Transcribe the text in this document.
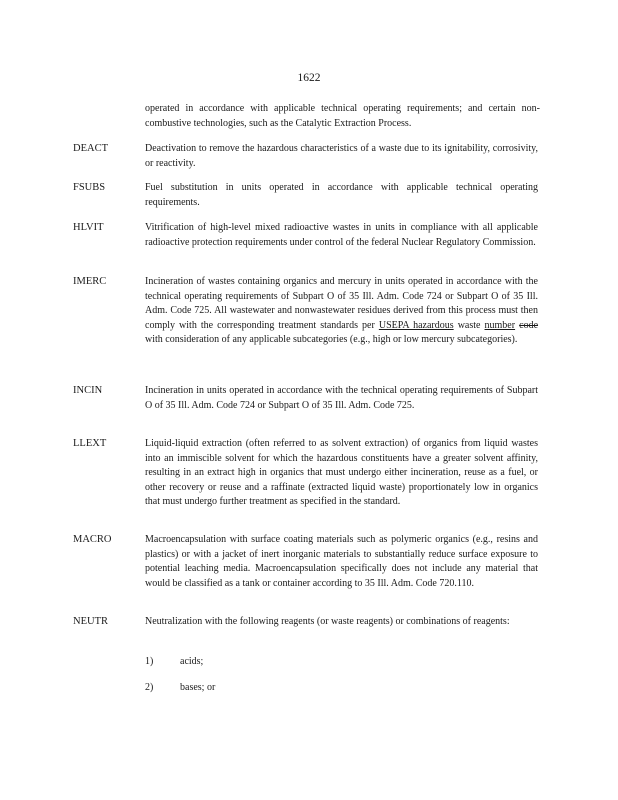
1622
operated in accordance with applicable technical operating requirements; and certain non-combustive technologies, such as the Catalytic Extraction Process.
DEACT	Deactivation to remove the hazardous characteristics of a waste due to its ignitability, corrosivity, or reactivity.
FSUBS	Fuel substitution in units operated in accordance with applicable technical operating requirements.
HLVIT	Vitrification of high-level mixed radioactive wastes in units in compliance with all applicable radioactive protection requirements under control of the federal Nuclear Regulatory Commission.
IMERC	Incineration of wastes containing organics and mercury in units operated in accordance with the technical operating requirements of Subpart O of 35 Ill. Adm. Code 724 or Subpart O of 35 Ill. Adm. Code 725. All wastewater and nonwastewater residues derived from this process must then comply with the corresponding treatment standards per USEPA hazardous waste number code with consideration of any applicable subcategories (e.g., high or low mercury subcategories).
INCIN	Incineration in units operated in accordance with the technical operating requirements of Subpart O of 35 Ill. Adm. Code 724 or Subpart O of 35 Ill. Adm. Code 725.
LLEXT	Liquid-liquid extraction (often referred to as solvent extraction) of organics from liquid wastes into an immiscible solvent for which the hazardous constituents have a greater solvent affinity, resulting in an extract high in organics that must undergo either incineration, reuse as a fuel, or other recovery or reuse and a raffinate (extracted liquid waste) proportionately low in organics that must undergo further treatment as specified in the standard.
MACRO	Macroencapsulation with surface coating materials such as polymeric organics (e.g., resins and plastics) or with a jacket of inert inorganic materials to substantially reduce surface exposure to potential leaching media. Macroencapsulation specifically does not include any material that would be classified as a tank or container according to 35 Ill. Adm. Code 720.110.
NEUTR	Neutralization with the following reagents (or waste reagents) or combinations of reagents:
1)	acids;
2)	bases; or
